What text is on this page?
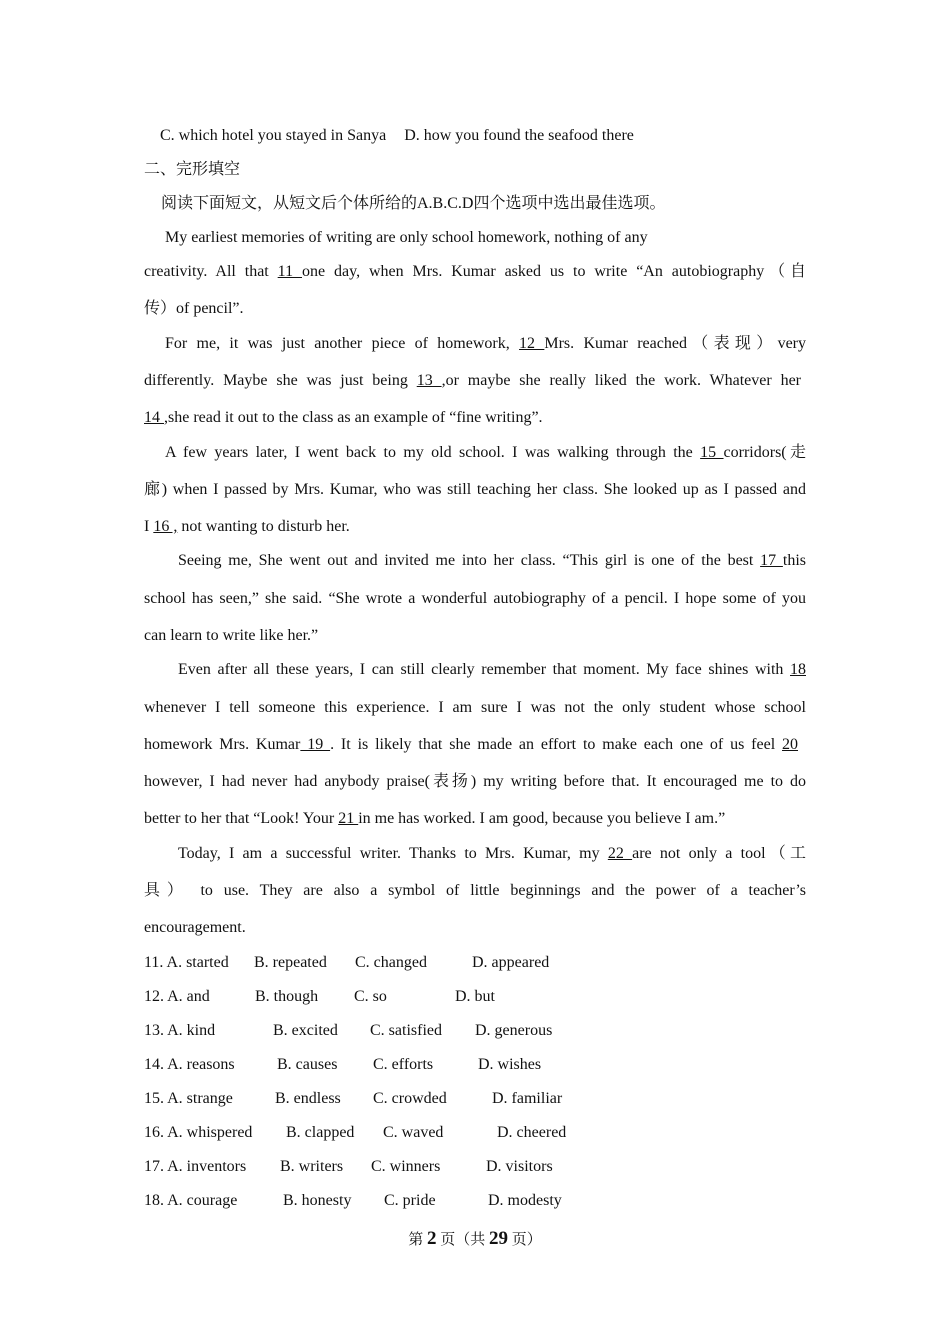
C. which hotel you stayed in Sanya D. how you found the seafood there
二、完形填空
阅读下面短文，从短文后个体所给的A.B.C.D四个选项中选出最佳选项。
My earliest memories of writing are only school homework, nothing of any
creativity. All that 11 one day, when Mrs. Kumar asked us to write “An autobiography（自
传）of pencil”.
For me, it was just another piece of homework, 12 Mrs. Kumar reached（表现）very
differently. Maybe she was just being 13 ,or maybe she really liked the work. Whatever her
14 ,she read it out to the class as an example of “fine writing”.
A few years later, I went back to my old school. I was walking through the 15 corridors(走
廊) when I passed by Mrs. Kumar, who was still teaching her class. She looked up as I passed and
I 16 , not wanting to disturb her.
Seeing me, She went out and invited me into her class. “This girl is one of the best 17 this
school has seen,” she said. “She wrote a wonderful autobiography of a pencil. I hope some of you
can learn to write like her.”
Even after all these years, I can still clearly remember that moment. My face shines with 18
whenever I tell someone this experience. I am sure I was not the only student whose school
homework Mrs. Kumar 19 . It is likely that she made an effort to make each one of us feel 20
however, I had never had anybody praise(表扬) my writing before that. It encouraged me to do
better to her that “Look! Your 21 in me has worked. I am good, because you believe I am.”
Today, I am a successful writer. Thanks to Mrs. Kumar, my 22 are not only a tool（工
具） to use. They are also a symbol of little beginnings and the power of a teacher’s
encouragement.
11. A. started B. repeated C. changed	D. appeared
12. A. and	B. though C. so	D. but
13. A. kind	B. excited C. satisfied D. generous
14. A. reasons	B. causes C. efforts	D. wishes
15. A. strange	B. endless C. crowded	D. familiar
16. A. whispered B. clapped C. waved	D. cheered
17. A. inventors B. writers C. winners	D. visitors
18. A. courage	B. honesty C. pride	D. modesty
第 2 页（共 29 页）
